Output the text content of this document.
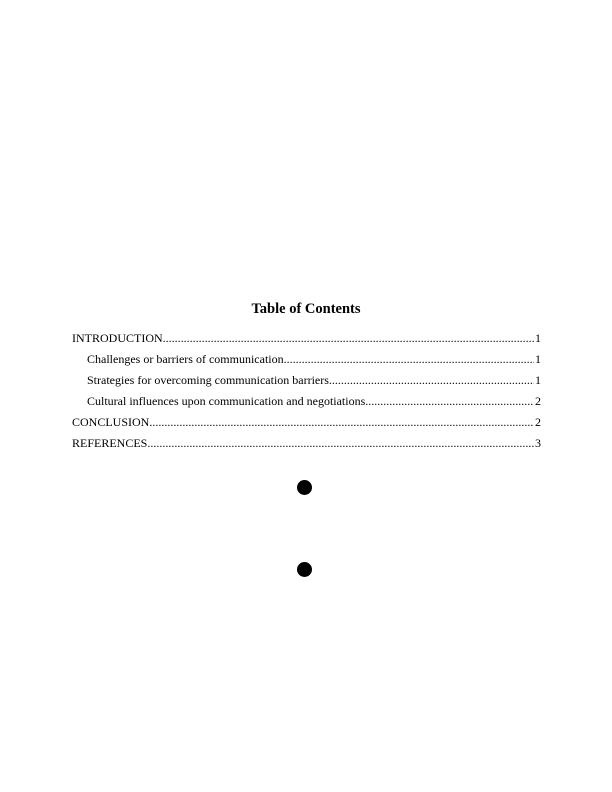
Table of Contents
INTRODUCTION .....	1
Challenges or barriers of communication .....	1
Strategies for overcoming communication barriers .....	1
Cultural influences upon communication and negotiations .....	2
CONCLUSION .....	2
REFERENCES .....	3
